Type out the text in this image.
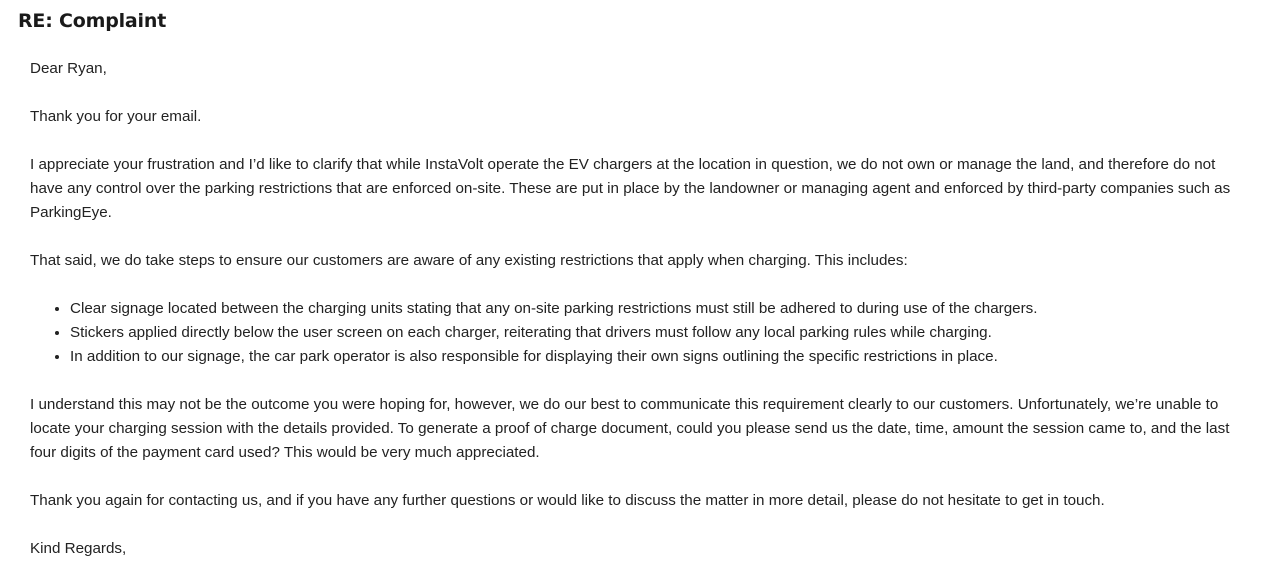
RE: Complaint

Dear Ryan,

Thank you for your email.

I appreciate your frustration and I’d like to clarify that while InstaVolt operate the EV chargers at the location in question, we do not own or manage the land, and therefore do not have any control over the parking restrictions that are enforced on-site. These are put in place by the landowner or managing agent and enforced by third-party companies such as ParkingEye.

That said, we do take steps to ensure our customers are aware of any existing restrictions that apply when charging. This includes:

• Clear signage located between the charging units stating that any on-site parking restrictions must still be adhered to during use of the chargers.
• Stickers applied directly below the user screen on each charger, reiterating that drivers must follow any local parking rules while charging.
• In addition to our signage, the car park operator is also responsible for displaying their own signs outlining the specific restrictions in place.

I understand this may not be the outcome you were hoping for, however, we do our best to communicate this requirement clearly to our customers. Unfortunately, we’re unable to locate your charging session with the details provided. To generate a proof of charge document, could you please send us the date, time, amount the session came to, and the last four digits of the payment card used? This would be very much appreciated.

Thank you again for contacting us, and if you have any further questions or would like to discuss the matter in more detail, please do not hesitate to get in touch.

Kind Regards,
